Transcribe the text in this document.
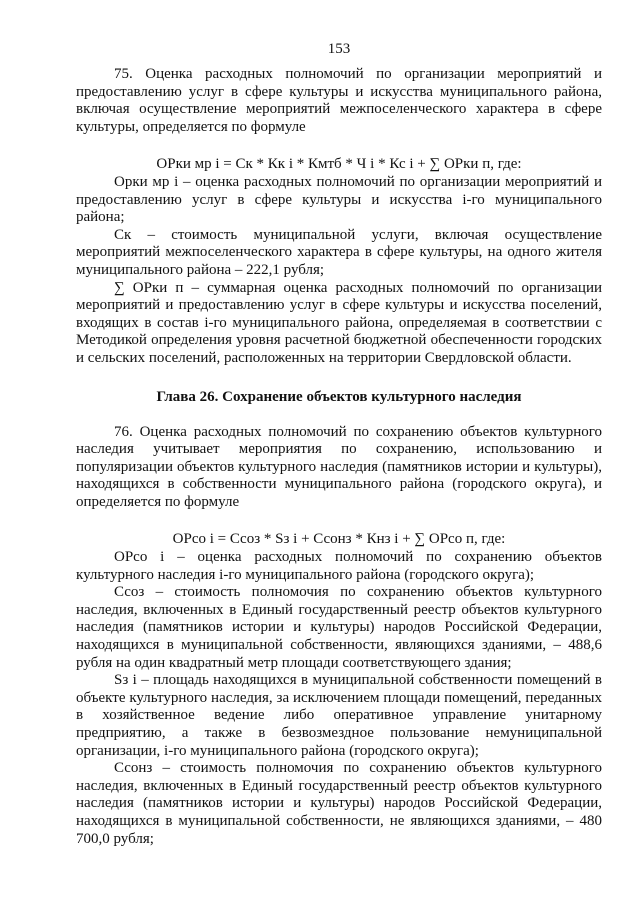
153

75. Оценка расходных полномочий по организации мероприятий и предоставлению услуг в сфере культуры и искусства муниципального района, включая осуществление мероприятий межпоселенческого характера в сфере культуры, определяется по формуле

ОРки мр i = Ск * Кк i * Кмтб * Ч i * Кс i + ∑ ОРки п, где:

Орки мр i – оценка расходных полномочий по организации мероприятий и предоставлению услуг в сфере культуры и искусства i-го муниципального района;

Ск – стоимость муниципальной услуги, включая осуществление мероприятий межпоселенческого характера в сфере культуры, на одного жителя муниципального района – 222,1 рубля;

∑ ОРки п – суммарная оценка расходных полномочий по организации мероприятий и предоставлению услуг в сфере культуры и искусства поселений, входящих в состав i-го муниципального района, определяемая в соответствии с Методикой определения уровня расчетной бюджетной обеспеченности городских и сельских поселений, расположенных на территории Свердловской области.

Глава 26. Сохранение объектов культурного наследия

76. Оценка расходных полномочий по сохранению объектов культурного наследия учитывает мероприятия по сохранению, использованию и популяризации объектов культурного наследия (памятников истории и культуры), находящихся в собственности муниципального района (городского округа), и определяется по формуле

ОРсо i = Ссоз * Sз i + Ссонз * Кнз i + ∑ ОРсо п, где:

ОРсо i – оценка расходных полномочий по сохранению объектов культурного наследия i-го муниципального района (городского округа);

Ссоз – стоимость полномочия по сохранению объектов культурного наследия, включенных в Единый государственный реестр объектов культурного наследия (памятников истории и культуры) народов Российской Федерации, находящихся в муниципальной собственности, являющихся зданиями, – 488,6 рубля на один квадратный метр площади соответствующего здания;

Sз i – площадь находящихся в муниципальной собственности помещений в объекте культурного наследия, за исключением площади помещений, переданных в хозяйственное ведение либо оперативное управление унитарному предприятию, а также в безвозмездное пользование немуниципальной организации, i-го муниципального района (городского округа);

Ссонз – стоимость полномочия по сохранению объектов культурного наследия, включенных в Единый государственный реестр объектов культурного наследия (памятников истории и культуры) народов Российской Федерации, находящихся в муниципальной собственности, не являющихся зданиями, – 480 700,0 рубля;
